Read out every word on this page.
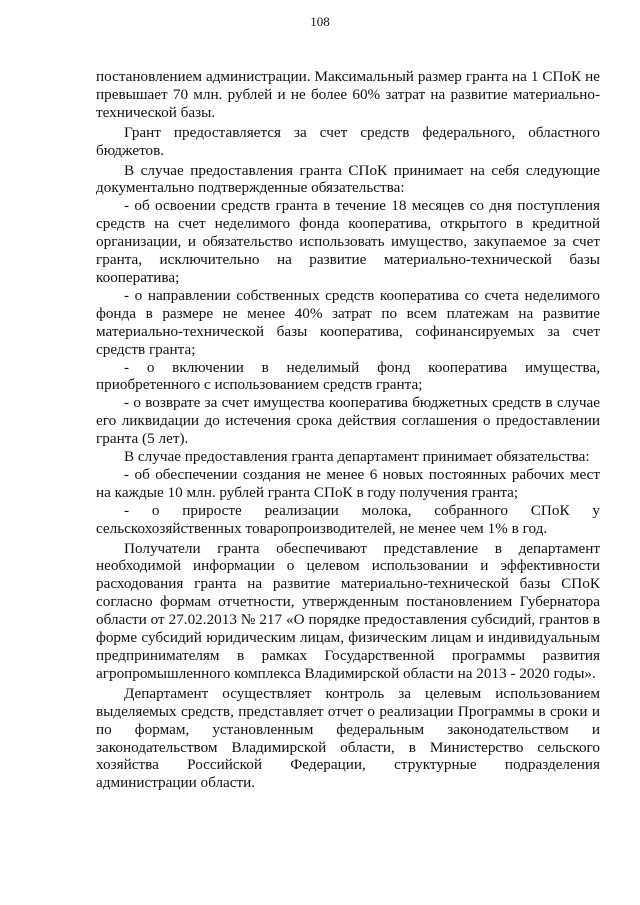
108

постановлением администрации. Максимальный размер гранта на 1 СПоК не превышает 70 млн. рублей и не более 60% затрат на развитие материально-технической базы.

Грант предоставляется за счет средств федерального, областного бюджетов.

В случае предоставления гранта СПоК принимает на себя следующие документально подтвержденные обязательства:

- об освоении средств гранта в течение 18 месяцев со дня поступления средств на счет неделимого фонда кооператива, открытого в кредитной организации, и обязательство использовать имущество, закупаемое за счет гранта, исключительно на развитие материально-технической базы кооператива;

- о направлении собственных средств кооператива со счета неделимого фонда в размере не менее 40% затрат по всем платежам на развитие материально-технической базы кооператива, софинансируемых за счет средств гранта;

- о включении в неделимый фонд кооператива имущества, приобретенного с использованием средств гранта;

- о возврате за счет имущества кооператива бюджетных средств в случае его ликвидации до истечения срока действия соглашения о предоставлении гранта (5 лет).

В случае предоставления гранта департамент принимает обязательства:

- об обеспечении создания не менее 6 новых постоянных рабочих мест на каждые 10 млн. рублей гранта СПоК в году получения гранта;

- о приросте реализации молока, собранного СПоК у сельскохозяйственных товаропроизводителей, не менее чем 1% в год.

Получатели гранта обеспечивают представление в департамент необходимой информации о целевом использовании и эффективности расходования гранта на развитие материально-технической базы СПоК согласно формам отчетности, утвержденным постановлением Губернатора области от 27.02.2013 № 217 «О порядке предоставления субсидий, грантов в форме субсидий юридическим лицам, физическим лицам и индивидуальным предпринимателям в рамках Государственной программы развития агропромышленного комплекса Владимирской области на 2013 - 2020 годы».

Департамент осуществляет контроль за целевым использованием выделяемых средств, представляет отчет о реализации Программы в сроки и по формам, установленным федеральным законодательством и законодательством Владимирской области, в Министерство сельского хозяйства Российской Федерации, структурные подразделения администрации области.
